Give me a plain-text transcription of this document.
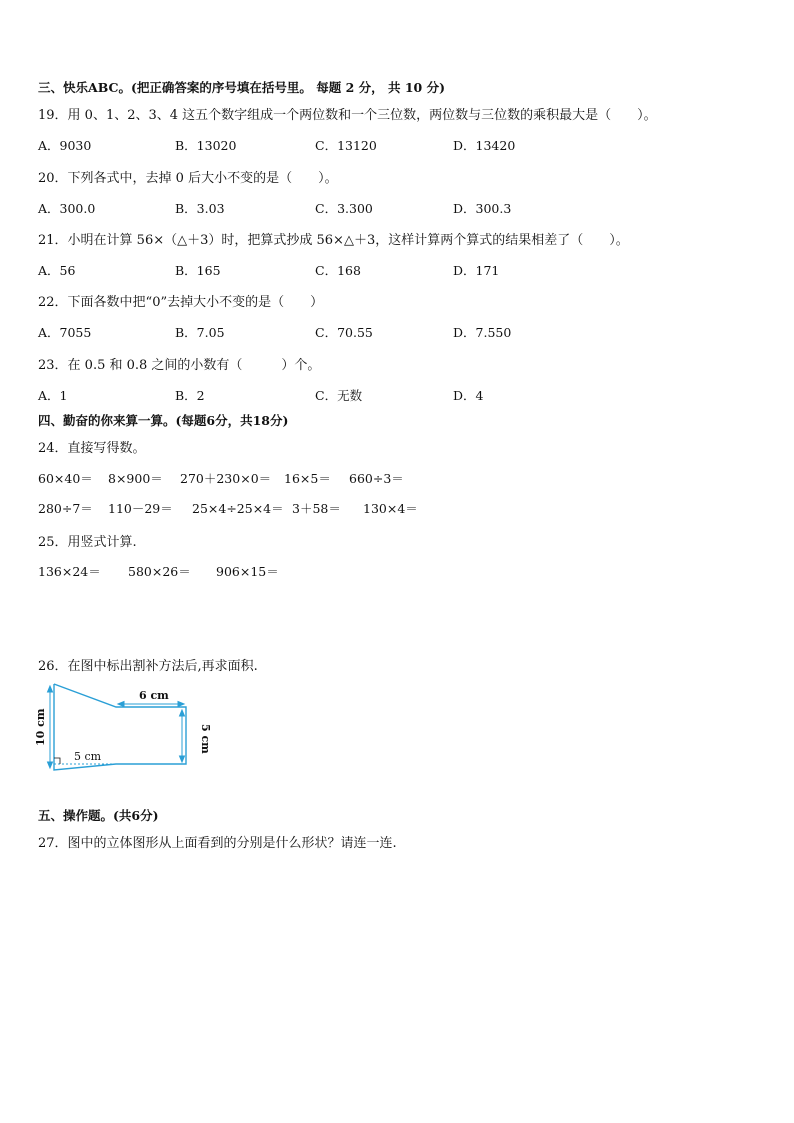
三、快乐ABC。(把正确答案的序号填在括号里。 每题 2 分， 共 10 分)
19．用 0、1、2、3、4 这五个数字组成一个两位数和一个三位数，两位数与三位数的乘积最大是（　　）。
A．9030	B．13020	C．13120	D．13420
20．下列各式中，去掉 0 后大小不变的是（　　）。
A．300.0	B．3.03	C．3.300	D．300.3
21．小明在计算 56×（△＋3）时，把算式抄成 56×△＋3，这样计算两个算式的结果相差了（　　）。
A．56	B．165	C．168	D．171
22．下面各数中把“0”去掉大小不变的是（　　）
A．7055	B．7.05	C．70.55	D．7.550
23．在 0.5 和 0.8 之间的小数有（　　　）个。
A．1	B．2	C．无数	D．4
四、勤奋的你来算一算。(每题6分，共18分)
24．直接写得数。
60×40＝ 8×900＝ 270＋230×0＝ 16×5＝ 660÷3＝
280÷7＝ 110－29＝ 25×4÷25×4＝ 3＋58＝ 130×4＝
25．用竖式计算.
136×24＝ 580×26＝ 906×15＝
26．在图中标出割补方法后,再求面积.
6 cm
5 cm
10 cm
5 cm
五、操作题。(共6分)
27．图中的立体图形从上面看到的分别是什么形状？请连一连.
